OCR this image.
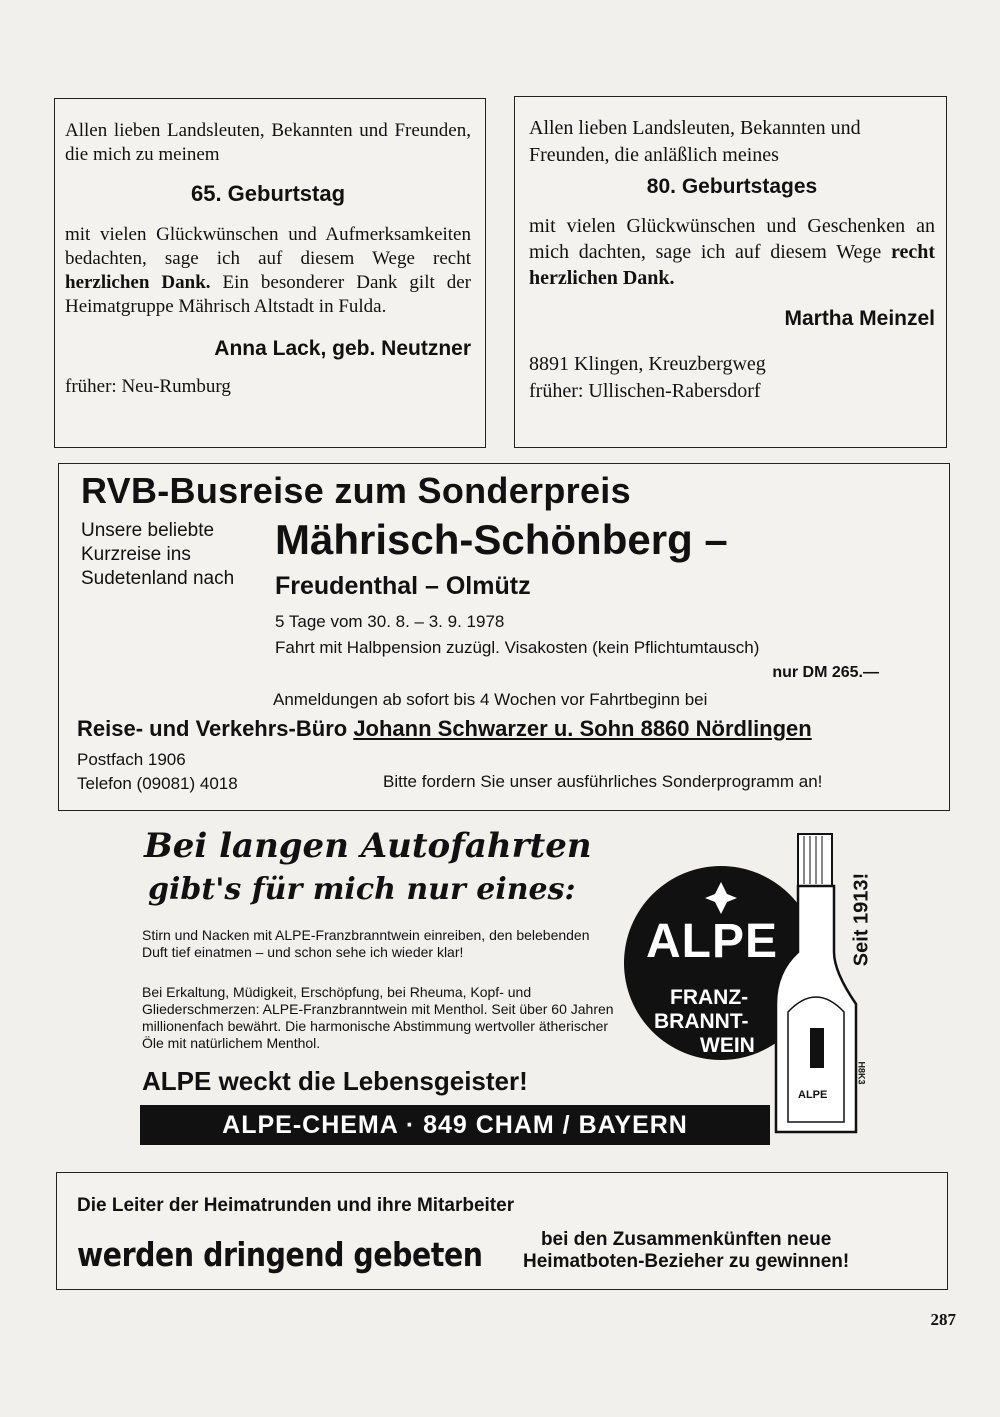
Allen lieben Landsleuten, Bekannten und Freunden, die mich zu meinem

65. Geburtstag

mit vielen Glückwünschen und Aufmerksamkeiten bedachten, sage ich auf diesem Wege recht herzlichen Dank. Ein besonderer Dank gilt der Heimatgruppe Mährisch Altstadt in Fulda.

Anna Lack, geb. Neutzner

früher: Neu-Rumburg

Allen lieben Landsleuten, Bekannten und Freunden, die anläßlich meines

80. Geburtstages

mit vielen Glückwünschen und Geschenken an mich dachten, sage ich auf diesem Wege recht herzlichen Dank.

Martha Meinzel

8891 Klingen, Kreuzbergweg

früher: Ullischen-Rabersdorf

RVB-Busreise zum Sonderpreis
Unsere beliebte Kurzreise ins Sudetenland nach
Mährisch-Schönberg –
Freudenthal – Olmütz
5 Tage vom 30. 8. – 3. 9. 1978
Fahrt mit Halbpension zuzügl. Visakosten (kein Pflichtumtausch)
nur DM 265.—
Anmeldungen ab sofort bis 4 Wochen vor Fahrtbeginn bei
Reise- und Verkehrs-Büro Johann Schwarzer u. Sohn 8860 Nördlingen
Postfach 1906
Telefon (09081) 4018	Bitte fordern Sie unser ausführliches Sonderprogramm an!
Bei langen Autofahrten
gibt's für mich nur eines:
Stirn und Nacken mit ALPE-Franzbranntwein einreiben, den belebenden Duft tief einatmen – und schon sehe ich wieder klar!
Bei Erkaltung, Müdigkeit, Erschöpfung, bei Rheuma, Kopf- und Gliederschmerzen: ALPE-Franzbranntwein mit Menthol. Seit über 60 Jahren millionenfach bewährt. Die harmonische Abstimmung wertvoller ätherischer Öle mit natürlichem Menthol.
ALPE weckt die Lebensgeister!
ALPE-CHEMA · 849 CHAM / BAYERN
ALPE
FRANZ-
BRANNT-
WEIN
ALPE
Seit 1913!
H8K3
Die Leiter der Heimatrunden und ihre Mitarbeiter
werden dringend gebeten	bei den Zusammenkünften neue
Heimatboten-Bezieher zu gewinnen!
287
